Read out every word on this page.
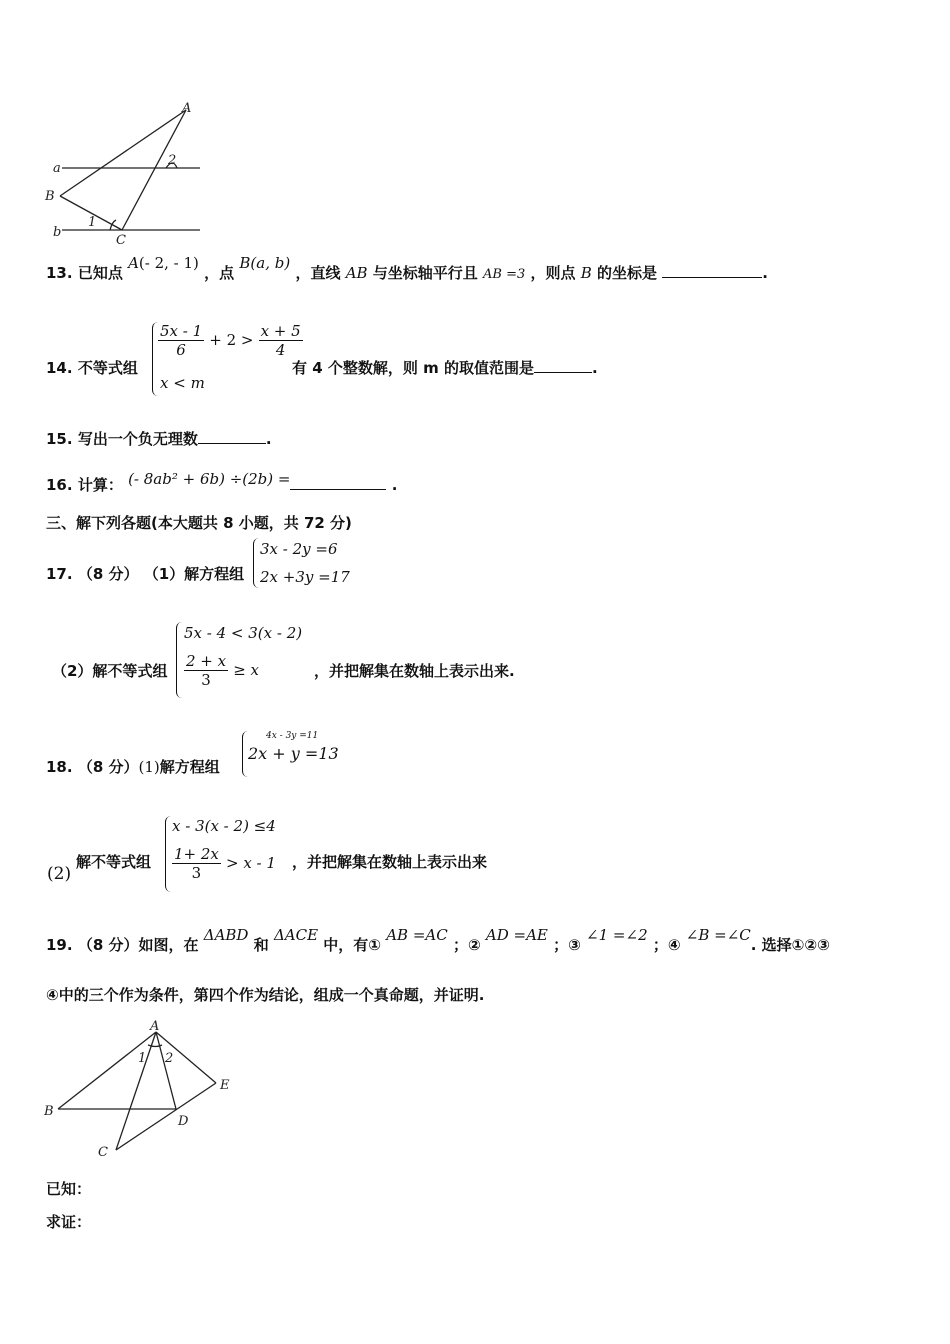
A
a
2
B
1
b
C
13. 已知点 A(- 2, - 1) ，点 B(a, b) ，直线 AB 与坐标轴平行且 AB =3 ，则点 B 的坐标是	.
14. 不等式组
$\frac{5x - 1}{6} + 2 > \frac{x + 5}{4}$
x < m
有 4 个整数解，则 m 的取值范围是	.
15. 写出一个负无理数	.
16. 计算： (- 8ab² + 6b) ÷(2b) =	.
三、解下列各题(本大题共 8 小题，共 72 分)
17. （8 分） （1）解方程组
3x - 2y =6
2x +3y =17
（2）解不等式组
5x - 4 < 3(x - 2)
$\frac{2 + x}{3} \ge x$	，并把解集在数轴上表示出来.
18. （8 分）(1)解方程组
4x - 3y =11
2x + y =13
(2)
解不等式组
x - 3(x - 2) ≤4
$\frac{1+ 2x}{3} > x - 1$ ，并把解集在数轴上表示出来
19. （8 分）如图，在 ΔABD 和 ΔACE 中，有① AB =AC ；② AD =AE ；③ ∠1 =∠2 ；④ ∠B =∠C. 选择①②③
④中的三个作为条件，第四个作为结论，组成一个真命题，并证明.
A
1 2
E
B
D
C
已知：
求证：
